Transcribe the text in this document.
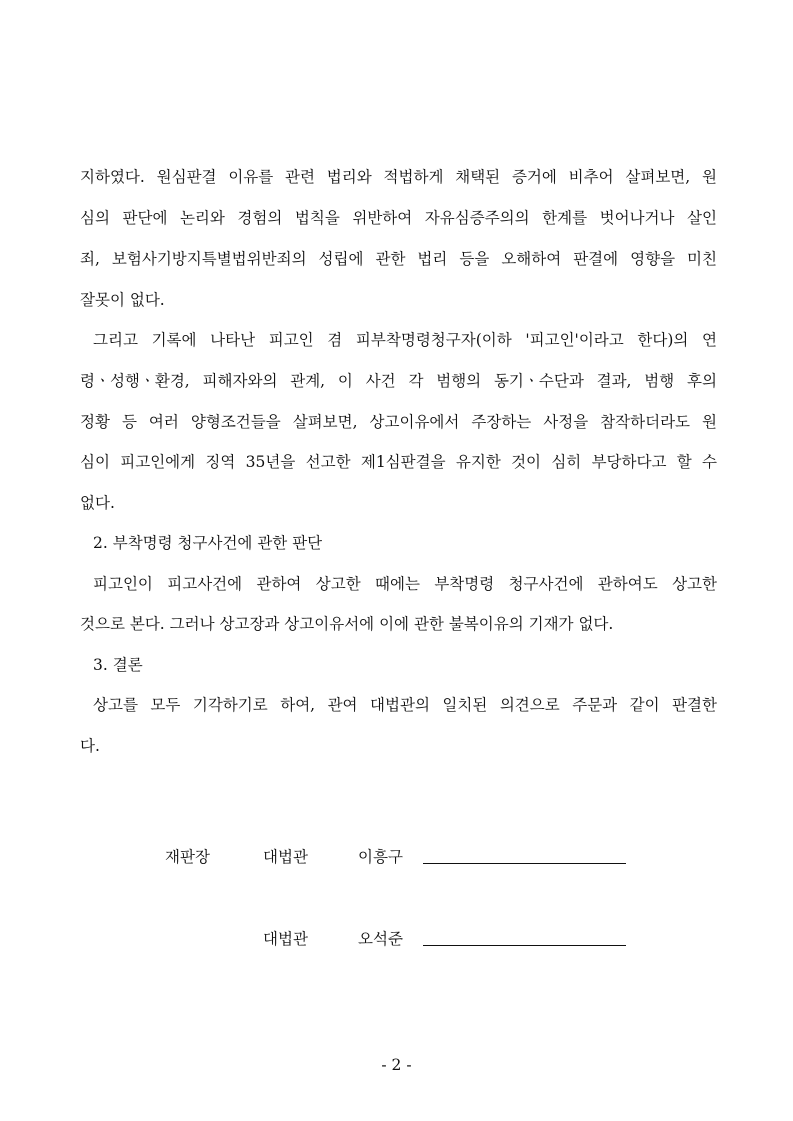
지하였다. 원심판결 이유를 관련 법리와 적법하게 채택된 증거에 비추어 살펴보면, 원
심의 판단에 논리와 경험의 법칙을 위반하여 자유심증주의의 한계를 벗어나거나 살인
죄, 보험사기방지특별법위반죄의 성립에 관한 법리 등을 오해하여 판결에 영향을 미친
잘못이 없다.
그리고 기록에 나타난 피고인 겸 피부착명령청구자(이하 '피고인'이라고 한다)의 연
령ㆍ성행ㆍ환경, 피해자와의 관계, 이 사건 각 범행의 동기ㆍ수단과 결과, 범행 후의
정황 등 여러 양형조건들을 살펴보면, 상고이유에서 주장하는 사정을 참작하더라도 원
심이 피고인에게 징역 35년을 선고한 제1심판결을 유지한 것이 심히 부당하다고 할 수
없다.
2. 부착명령 청구사건에 관한 판단
피고인이 피고사건에 관하여 상고한 때에는 부착명령 청구사건에 관하여도 상고한
것으로 본다. 그러나 상고장과 상고이유서에 이에 관한 불복이유의 기재가 없다.
3. 결론
상고를 모두 기각하기로 하여, 관여 대법관의 일치된 의견으로 주문과 같이 판결한
다.
재판장	대법관	이흥구
대법관	오석준
- 2 -
